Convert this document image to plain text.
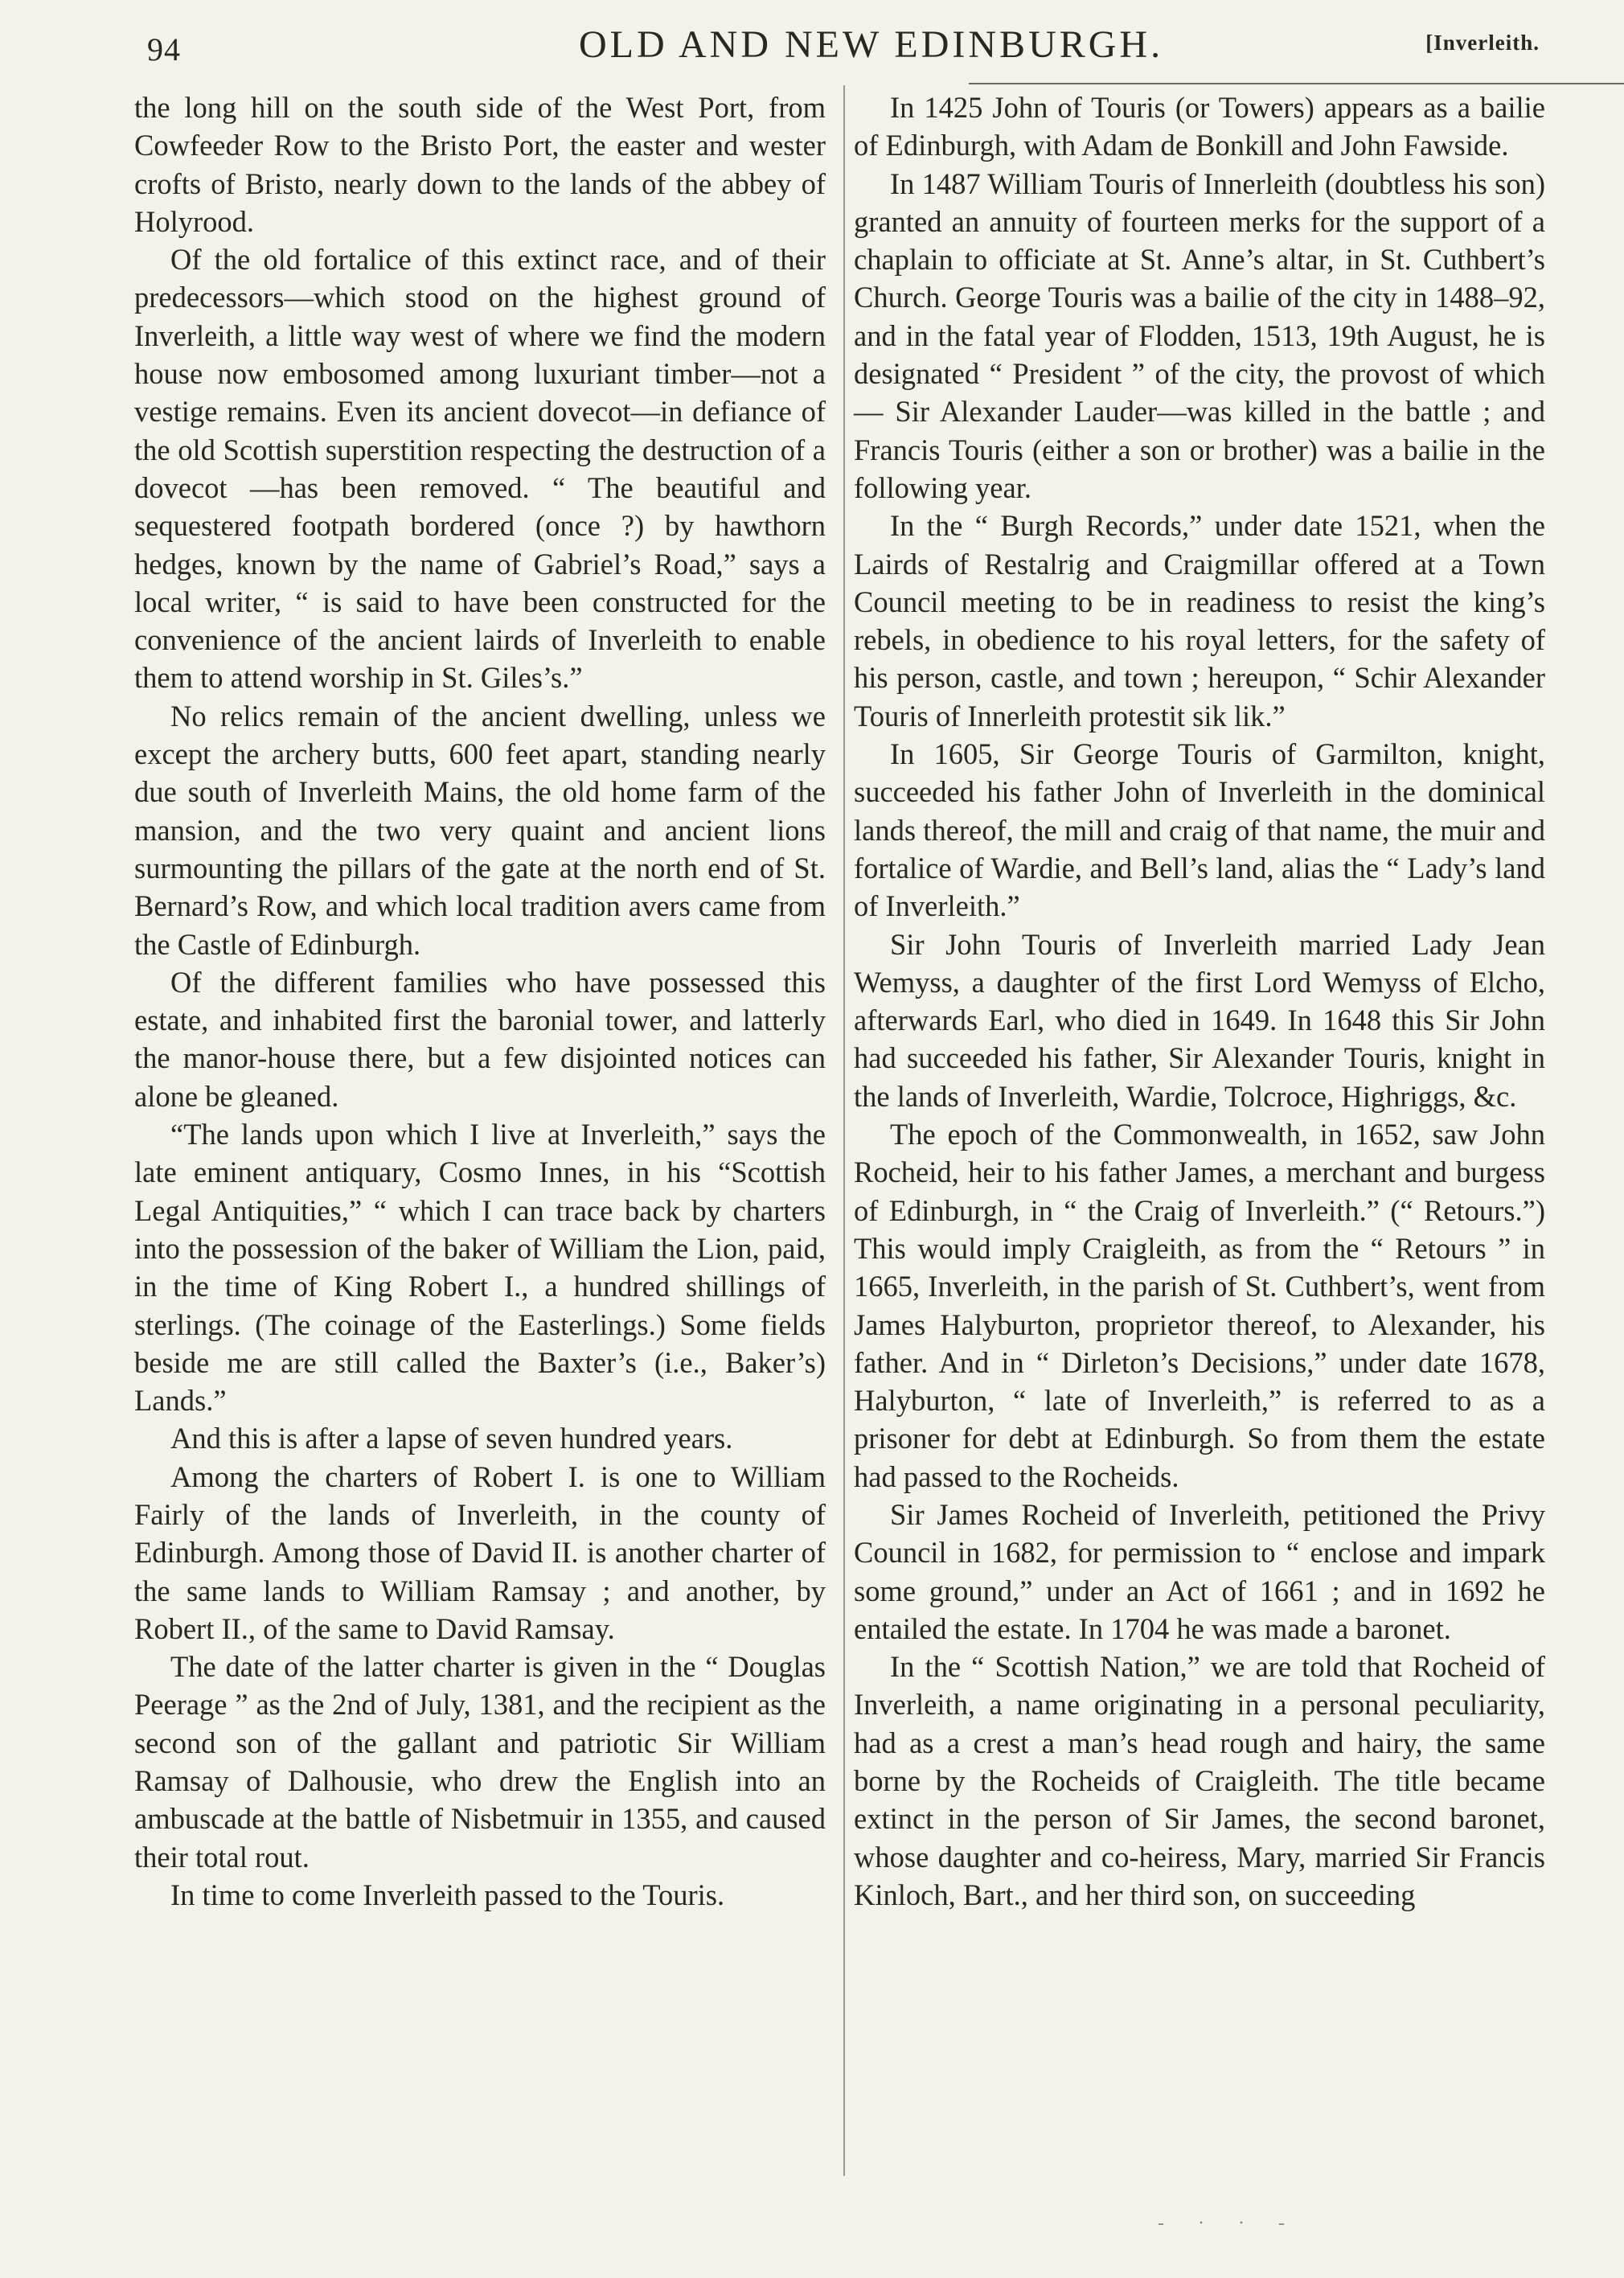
94	OLD AND NEW EDINBURGH.	[Inverleith.

the long hill on the south side of the West Port, from Cowfeeder Row to the Bristo Port, the easter and wester crofts of Bristo, nearly down to the lands of the abbey of Holyrood.

Of the old fortalice of this extinct race, and of their predecessors—which stood on the highest ground of Inverleith, a little way west of where we find the modern house now embosomed among luxuriant timber—not a vestige remains. Even its ancient dovecot—in defiance of the old Scottish superstition respecting the destruction of a dovecot —has been removed. “ The beautiful and sequestered footpath bordered (once ?) by hawthorn hedges, known by the name of Gabriel’s Road,” says a local writer, “ is said to have been constructed for the convenience of the ancient lairds of Inverleith to enable them to attend worship in St. Giles’s.”

No relics remain of the ancient dwelling, unless we except the archery butts, 600 feet apart, standing nearly due south of Inverleith Mains, the old home farm of the mansion, and the two very quaint and ancient lions surmounting the pillars of the gate at the north end of St. Bernard’s Row, and which local tradition avers came from the Castle of Edinburgh.

Of the different families who have possessed this estate, and inhabited first the baronial tower, and latterly the manor-house there, but a few disjointed notices can alone be gleaned.

“The lands upon which I live at Inverleith,” says the late eminent antiquary, Cosmo Innes, in his “Scottish Legal Antiquities,” “ which I can trace back by charters into the possession of the baker of William the Lion, paid, in the time of King Robert I., a hundred shillings of sterlings. (The coinage of the Easterlings.) Some fields beside me are still called the Baxter’s (i.e., Baker’s) Lands.”

And this is after a lapse of seven hundred years.

Among the charters of Robert I. is one to William Fairly of the lands of Inverleith, in the county of Edinburgh. Among those of David II. is another charter of the same lands to William Ramsay ; and another, by Robert II., of the same to David Ramsay.

The date of the latter charter is given in the “ Douglas Peerage ” as the 2nd of July, 1381, and the recipient as the second son of the gallant and patriotic Sir William Ramsay of Dalhousie, who drew the English into an ambuscade at the battle of Nisbetmuir in 1355, and caused their total rout.

In time to come Inverleith passed to the Touris.

In 1425 John of Touris (or Towers) appears as a bailie of Edinburgh, with Adam de Bonkill and John Fawside.

In 1487 William Touris of Innerleith (doubtless his son) granted an annuity of fourteen merks for the support of a chaplain to officiate at St. Anne’s altar, in St. Cuthbert’s Church. George Touris was a bailie of the city in 1488–92, and in the fatal year of Flodden, 1513, 19th August, he is designated “ President ” of the city, the provost of which— Sir Alexander Lauder—was killed in the battle ; and Francis Touris (either a son or brother) was a bailie in the following year.

In the “ Burgh Records,” under date 1521, when the Lairds of Restalrig and Craigmillar offered at a Town Council meeting to be in readiness to resist the king’s rebels, in obedience to his royal letters, for the safety of his person, castle, and town ; hereupon, “ Schir Alexander Touris of Innerleith protestit sik lik.”

In 1605, Sir George Touris of Garmilton, knight, succeeded his father John of Inverleith in the dominical lands thereof, the mill and craig of that name, the muir and fortalice of Wardie, and Bell’s land, alias the “ Lady’s land of Inverleith.”

Sir John Touris of Inverleith married Lady Jean Wemyss, a daughter of the first Lord Wemyss of Elcho, afterwards Earl, who died in 1649. In 1648 this Sir John had succeeded his father, Sir Alexander Touris, knight in the lands of Inverleith, Wardie, Tolcroce, Highriggs, &c.

The epoch of the Commonwealth, in 1652, saw John Rocheid, heir to his father James, a merchant and burgess of Edinburgh, in “ the Craig of Inverleith.” (“ Retours.”) This would imply Craigleith, as from the “ Retours ” in 1665, Inverleith, in the parish of St. Cuthbert’s, went from James Halyburton, proprietor thereof, to Alexander, his father. And in “ Dirleton’s Decisions,” under date 1678, Halyburton, “ late of Inverleith,” is referred to as a prisoner for debt at Edinburgh. So from them the estate had passed to the Rocheids.

Sir James Rocheid of Inverleith, petitioned the Privy Council in 1682, for permission to “ enclose and impark some ground,” under an Act of 1661 ; and in 1692 he entailed the estate. In 1704 he was made a baronet.

In the “ Scottish Nation,” we are told that Rocheid of Inverleith, a name originating in a personal peculiarity, had as a crest a man’s head rough and hairy, the same borne by the Rocheids of Craigleith. The title became extinct in the person of Sir James, the second baronet, whose daughter and co-heiress, Mary, married Sir Francis Kinloch, Bart., and her third son, on succeeding

- · · -
